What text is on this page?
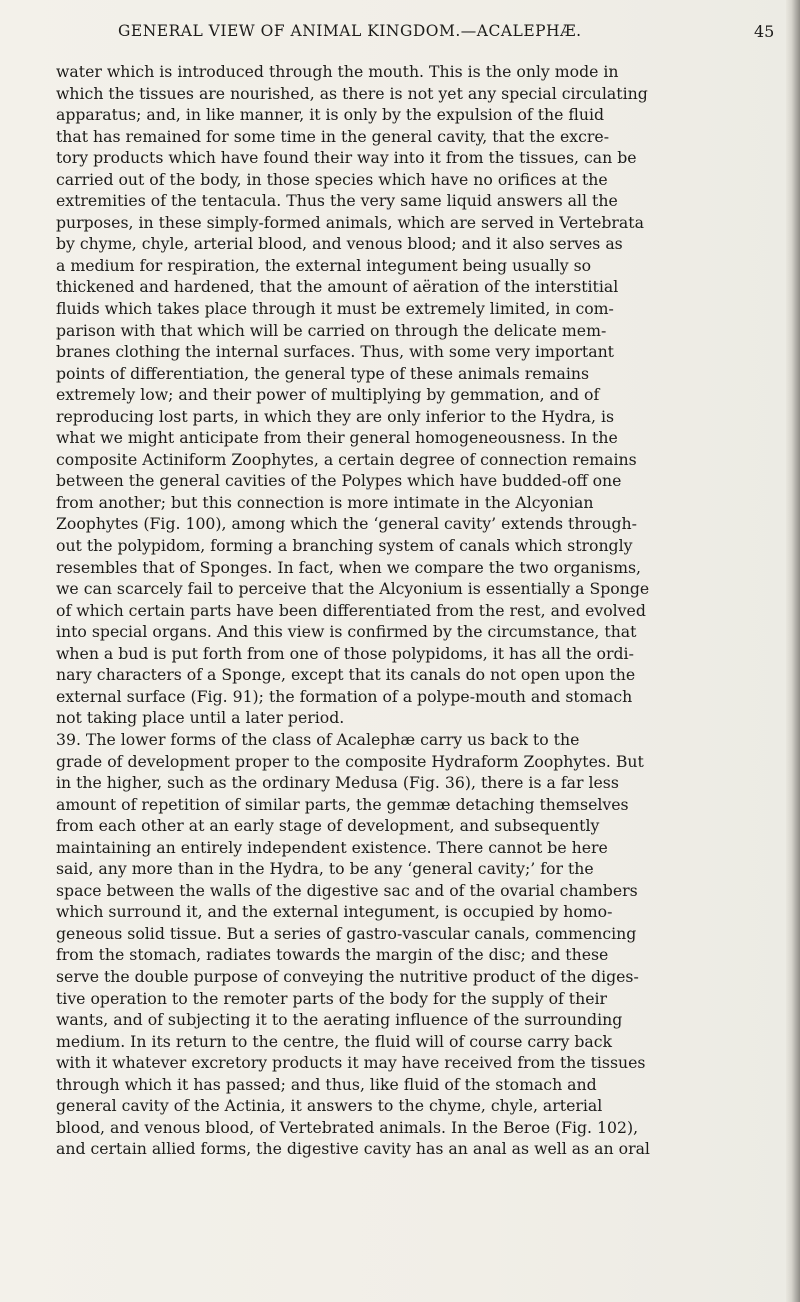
GENERAL VIEW OF ANIMAL KINGDOM.—ACALEPHÆ.	45
water which is introduced through the mouth. This is the only mode in
which the tissues are nourished, as there is not yet any special circulating
apparatus; and, in like manner, it is only by the expulsion of the fluid
that has remained for some time in the general cavity, that the excre-
tory products which have found their way into it from the tissues, can be
carried out of the body, in those species which have no orifices at the
extremities of the tentacula. Thus the very same liquid answers all the
purposes, in these simply-formed animals, which are served in Vertebrata
by chyme, chyle, arterial blood, and venous blood; and it also serves as
a medium for respiration, the external integument being usually so
thickened and hardened, that the amount of aëration of the interstitial
fluids which takes place through it must be extremely limited, in com-
parison with that which will be carried on through the delicate mem-
branes clothing the internal surfaces. Thus, with some very important
points of differentiation, the general type of these animals remains
extremely low; and their power of multiplying by gemmation, and of
reproducing lost parts, in which they are only inferior to the Hydra, is
what we might anticipate from their general homogeneousness. In the
composite Actiniform Zoophytes, a certain degree of connection remains
between the general cavities of the Polypes which have budded-off one
from another; but this connection is more intimate in the Alcyonian
Zoophytes (Fig. 100), among which the ‘general cavity’ extends through-
out the polypidom, forming a branching system of canals which strongly
resembles that of Sponges. In fact, when we compare the two organisms,
we can scarcely fail to perceive that the Alcyonium is essentially a Sponge
of which certain parts have been differentiated from the rest, and evolved
into special organs. And this view is confirmed by the circumstance, that
when a bud is put forth from one of those polypidoms, it has all the ordi-
nary characters of a Sponge, except that its canals do not open upon the
external surface (Fig. 91); the formation of a polype-mouth and stomach
not taking place until a later period.
39. The lower forms of the class of Acalephæ carry us back to the
grade of development proper to the composite Hydraform Zoophytes. But
in the higher, such as the ordinary Medusa (Fig. 36), there is a far less
amount of repetition of similar parts, the gemmæ detaching themselves
from each other at an early stage of development, and subsequently
maintaining an entirely independent existence. There cannot be here
said, any more than in the Hydra, to be any ‘general cavity;’ for the
space between the walls of the digestive sac and of the ovarial chambers
which surround it, and the external integument, is occupied by homo-
geneous solid tissue. But a series of gastro-vascular canals, commencing
from the stomach, radiates towards the margin of the disc; and these
serve the double purpose of conveying the nutritive product of the diges-
tive operation to the remoter parts of the body for the supply of their
wants, and of subjecting it to the aerating influence of the surrounding
medium. In its return to the centre, the fluid will of course carry back
with it whatever excretory products it may have received from the tissues
through which it has passed; and thus, like fluid of the stomach and
general cavity of the Actinia, it answers to the chyme, chyle, arterial
blood, and venous blood, of Vertebrated animals. In the Beroe (Fig. 102),
and certain allied forms, the digestive cavity has an anal as well as an oral
